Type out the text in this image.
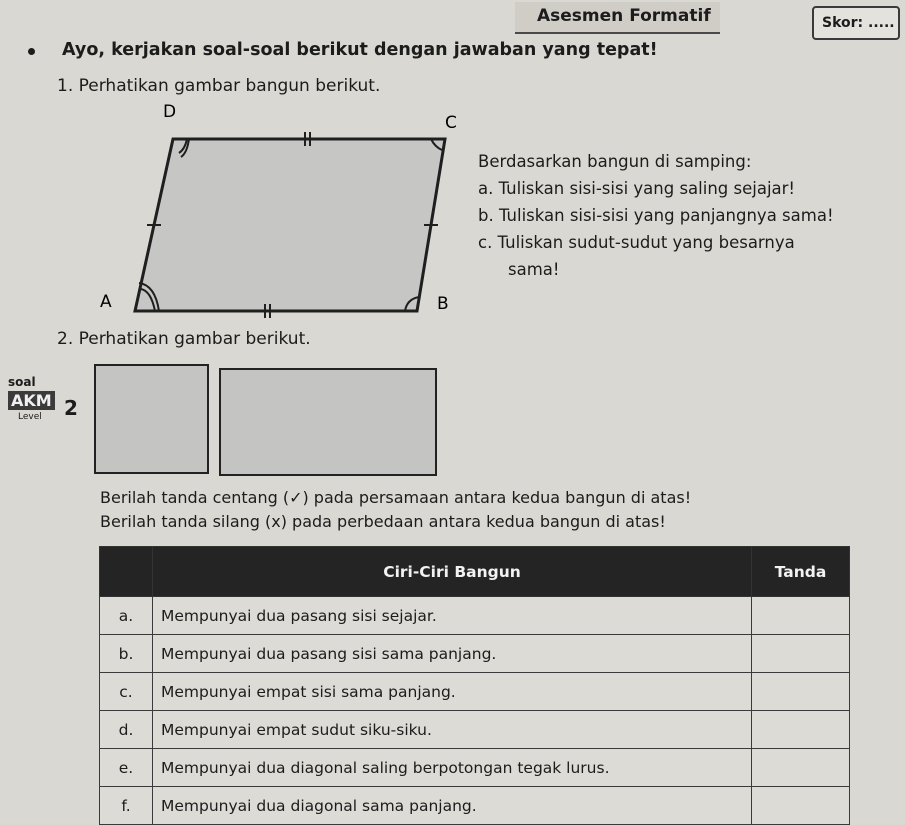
Asesmen Formatif	Skor: .....
Ayo, kerjakan soal-soal berikut dengan jawaban yang tepat!
1. Perhatikan gambar bangun berikut.
D
C
A	B
Berdasarkan bangun di samping:
a. Tuliskan sisi-sisi yang saling sejajar!
b. Tuliskan sisi-sisi yang panjangnya sama!
c. Tuliskan sudut-sudut yang besarnya
sama!
2. Perhatikan gambar berikut.
soal
AKM
Level 2
Berilah tanda centang (✓) pada persamaan antara kedua bangun di atas!
Berilah tanda silang (x) pada perbedaan antara kedua bangun di atas!
	Ciri-Ciri Bangun	Tanda
a.	Mempunyai dua pasang sisi sejajar.	
b.	Mempunyai dua pasang sisi sama panjang.	
c.	Mempunyai empat sisi sama panjang.	
d.	Mempunyai empat sudut siku-siku.	
e.	Mempunyai dua diagonal saling berpotongan tegak lurus.	
f.	Mempunyai dua diagonal sama panjang.	
